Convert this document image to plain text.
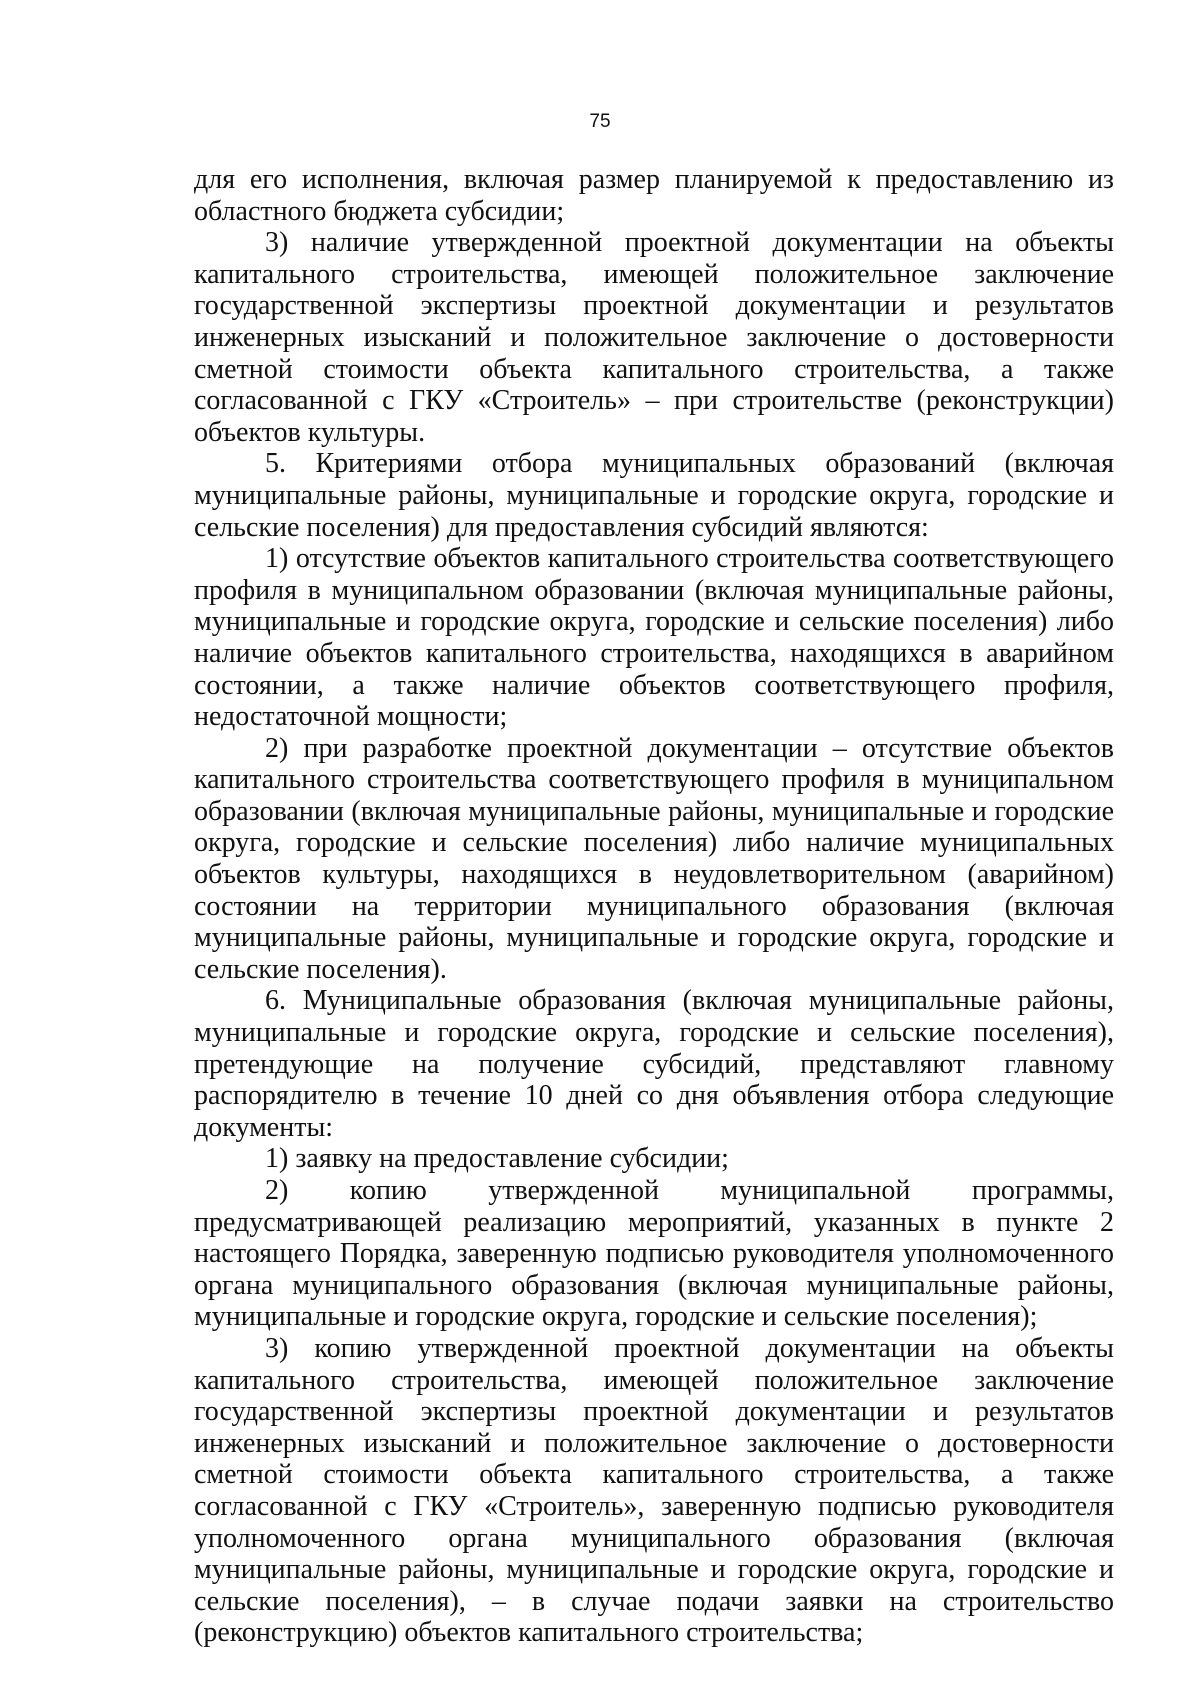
75

для его исполнения, включая размер планируемой к предоставлению из областного бюджета субсидии;

3) наличие утвержденной проектной документации на объекты капитального строительства, имеющей положительное заключение государственной экспертизы проектной документации и результатов инженерных изысканий и положительное заключение о достоверности сметной стоимости объекта капитального строительства, а также согласованной с ГКУ «Строитель» – при строительстве (реконструкции) объектов культуры.

5. Критериями отбора муниципальных образований (включая муниципальные районы, муниципальные и городские округа, городские и сельские поселения) для предоставления субсидий являются:

1) отсутствие объектов капитального строительства соответствующего профиля в муниципальном образовании (включая муниципальные районы, муниципальные и городские округа, городские и сельские поселения) либо наличие объектов капитального строительства, находящихся в аварийном состоянии, а также наличие объектов соответствующего профиля, недостаточной мощности;

2) при разработке проектной документации – отсутствие объектов капитального строительства соответствующего профиля в муниципальном образовании (включая муниципальные районы, муниципальные и городские округа, городские и сельские поселения) либо наличие муниципальных объектов культуры, находящихся в неудовлетворительном (аварийном) состоянии на территории муниципального образования (включая муниципальные районы, муниципальные и городские округа, городские и сельские поселения).

6. Муниципальные образования (включая муниципальные районы, муниципальные и городские округа, городские и сельские поселения), претендующие на получение субсидий, представляют главному распорядителю в течение 10 дней со дня объявления отбора следующие документы:

1) заявку на предоставление субсидии;

2) копию утвержденной муниципальной программы, предусматривающей реализацию мероприятий, указанных в пункте 2 настоящего Порядка, заверенную подписью руководителя уполномоченного органа муниципального образования (включая муниципальные районы, муниципальные и городские округа, городские и сельские поселения);

3) копию утвержденной проектной документации на объекты капитального строительства, имеющей положительное заключение государственной экспертизы проектной документации и результатов инженерных изысканий и положительное заключение о достоверности сметной стоимости объекта капитального строительства, а также согласованной с ГКУ «Строитель», заверенную подписью руководителя уполномоченного органа муниципального образования (включая муниципальные районы, муниципальные и городские округа, городские и сельские поселения), – в случае подачи заявки на строительство (реконструкцию) объектов капитального строительства;
